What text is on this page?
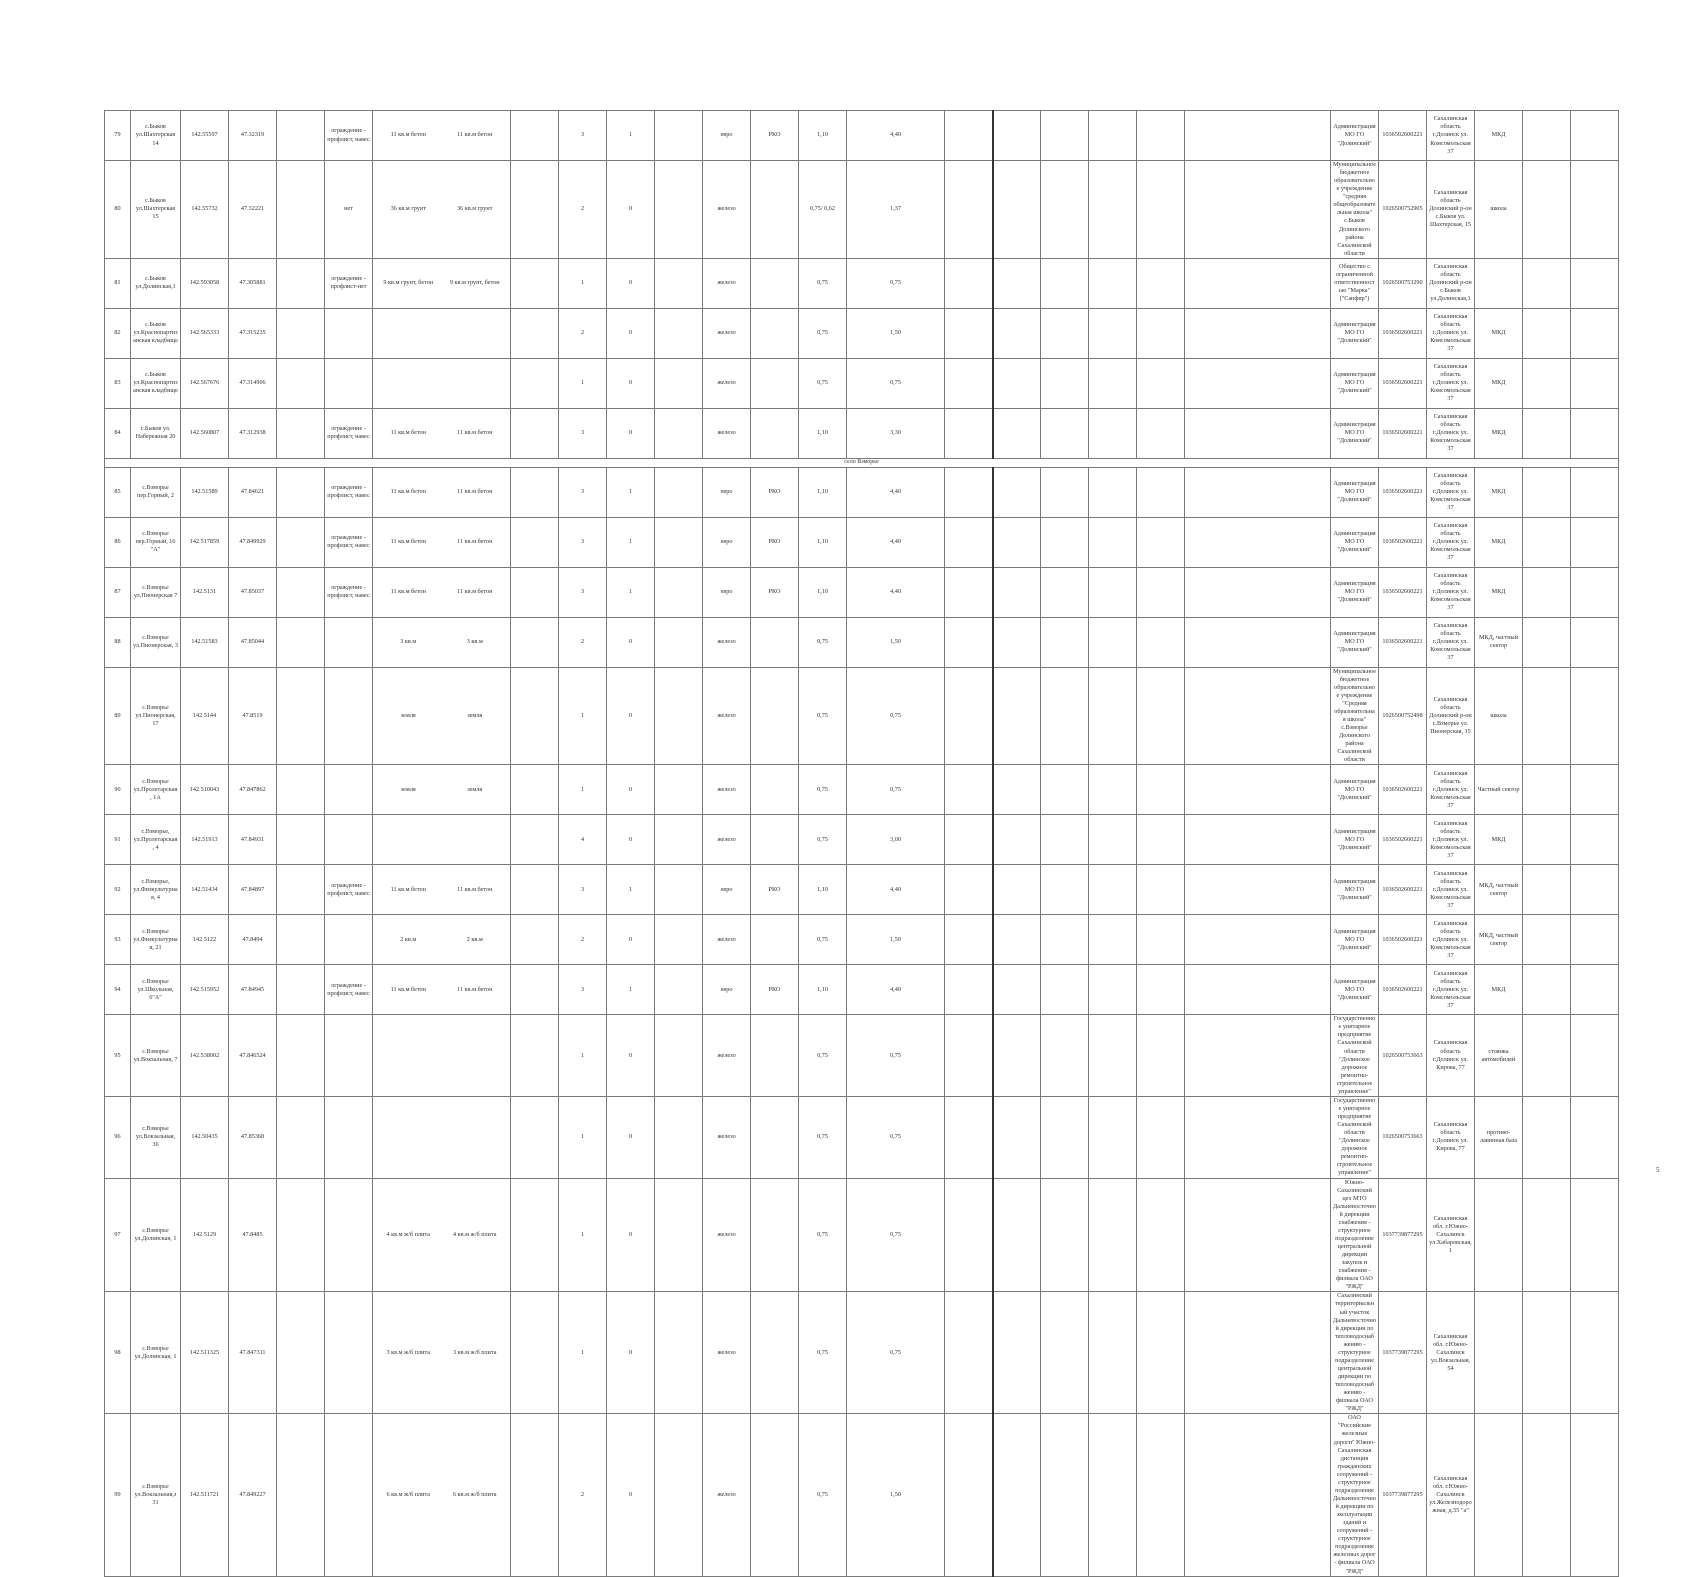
79	с.Быков ул.Шахтерская 14	142.55597	47.32319		ограждение - профлист, навес	11 кв.м бетон 11 кв.м бетон		3	1		евро	РКО	1,10	4,40							Администрация МО ГО "Долинский"	1036502600221	Сахалинская область г.Долинск ул. Комсомольская 37	МКД		
80	с.Быков ул.Шахтерская 15	142.55732	47.32221		нет	36 кв.м грунт 36 кв.м грунт		2	0		железо		0,75/ 0,62	1,37							Муниципальное бюджетное образовательное учреждение "средняя общеобразовательная школа" с.Быков Долинского района Сахалинской области	1026500752905	Сахалинская область Долинский р-он с.Быков ул. Шахтерская, 15	школа		
81	с.Быков ул.Долинская,1	142.593058	47.305881		ограждение - профлист-нет	9 кв.м грунт, бетон 9 кв.м грунт, бетон		1	0		железо		0,75	0,75							Общество с ограниченной ответственностью "Марка" ("Сапфир")	1026500753290	Сахалинская область Долинский р-он с.Быков ул.Долинская,1			
82	с.Быков ул.Краснопартизанская кладбище	142.565333	47.315235					2	0		железо		0,75	1,50							Администрация МО ГО "Долинский"	1036502600221	Сахалинская область г.Долинск ул. Комсомольская 37	МКД		
83	с.Быков ул.Краснопартизанская кладбище	142.567676	47.314906					1	0		железо		0,75	0,75							Администрация МО ГО "Долинский"	1036502600221	Сахалинская область г.Долинск ул. Комсомольская 37	МКД		
84	с.Быков ул. Набережная 20	142.560807	47.312938		ограждение - профлист, навес	11 кв.м бетон 11 кв.м бетон		3	0		железо		1,10	3,30							Администрация МО ГО "Долинский"	1036502600221	Сахалинская область г.Долинск ул. Комсомольская 37	МКД		
село Взморье																										
85	с.Взморье пер.Горный, 2	142.51589	47.84621		ограждение - профлист, навес	11 кв.м бетон 11 кв.м бетон		3	1		евро	РКО	1,10	4,40							Администрация МО ГО "Долинский"	1036502600221	Сахалинская область г.Долинск ул. Комсомольская 37	МКД		
86	с.Взморье пер.Горный, 16 "А"	142.517859	47.849929		ограждение - профлист, навес	11 кв.м бетон 11 кв.м бетон		3	1		евро	РКО	1,10	4,40							Администрация МО ГО "Долинский"	1036502600221	Сахалинская область г.Долинск ул. Комсомольская 37	МКД		
87	с.Взморье ул.Пионерская 7	142.5131	47.85037		ограждение - профлист, навес	11 кв.м бетон 11 кв.м бетон		3	1		евро	РКО	1,10	4,40							Администрация МО ГО "Долинский"	1036502600221	Сахалинская область г.Долинск ул. Комсомольская 37	МКД		
88	с.Взморье ул.Пионерская, 3	142.51583	47.85044			3 кв.м 3 кв.м		2	0		железо		0,75	1,50							Администрация МО ГО "Долинский"	1036502600221	Сахалинская область г.Долинск ул. Комсомольская 37	МКД, частный сектор		
89	с.Взморье ул.Пионерская, 17	142.5144	47.8519			земля земля		1	0		железо		0,75	0,75							Муниципальное бюджетное образовательное учреждение "Средняя образовательная школа" с.Взморье Долинского района Сахалинской области	1026500752498	Сахалинская область Долинский р-он с.Взморье ул. Пионерская, 15	школа		
90	с.Взморье ул.Пролетарская, 1А	142.510043	47.847862			земля земля		1	0		железо		0,75	0,75							Администрация МО ГО "Долинский"	1036502600221	Сахалинская область г.Долинск ул. Комсомольская 37	Частный сектор		
91	с.Взморье, ул.Пролетарская, 4	142.51913	47.84931					4	0		железо		0,75	3,00							Администрация МО ГО "Долинский"	1036502600221	Сахалинская область г.Долинск ул. Комсомольская 37	МКД		
92	с.Взморье, ул.Физкультурная, 4	142.51434	47.84897		ограждение - профлист, навес	11 кв.м бетон 11 кв.м бетон		3	1		евро	РКО	1,10	4,40							Администрация МО ГО "Долинский"	1036502600221	Сахалинская область г.Долинск ул. Комсомольская 37	МКД, частный сектор		
93	с.Взморье ул.Физкультурная, 21	142.5122	47.8494			2 кв.м 2 кв.м		2	0		железо		0,75	1,50							Администрация МО ГО "Долинский"	1036502600221	Сахалинская область г.Долинск ул. Комсомольская 37	МКД, частный сектор		
94	с.Взморье ул.Школьная, 6"А"	142.515952	47.84945		ограждение - профлист, навес	11 кв.м бетон 11 кв.м бетон		3	1		евро	РКО	1,10	4,40							Администрация МО ГО "Долинский"	1036502600221	Сахалинская область г.Долинск ул. Комсомольская 37	МКД		
95	с.Взморье ул.Вокзальная, 7	142.538002	47.846524					1	0		железо		0,75	0,75							Государственное унитарное предприятие Сахалинской области "Долинское дорожное ремонтно-строительное управление"	1026500753663	Сахалинская область г.Долинск ул. Кирова, 77	стоянка автомобилей		
96	с.Взморье ул.Вокзальная, 36	142.50435	47.85368					1	0		железо		0,75	0,75							Государственное унитарное предприятие Сахалинской области "Долинское дорожное ремонтно-строительное управление"	1026500753663	Сахалинская область г.Долинск ул. Кирова, 77	противо-лавинная база		
97	с.Взморье ул.Долинская, 1	142.5129	47.8485			4 кв.м ж/б плита 4 кв.м ж/б плита		1	0		железо		0,75	0,75							Южно-Сахалинский цех МТО Дальневосточной дирекции снабжения - структурное подразделение центральной дирекции закупок и снабжения - филиала ОАО "РЖД"	1037739877295	Сахалинская обл. г.Южно-Сахалинск ул.Хабаровская,1			
98	с.Взморье ул.Долинская, 1	142.511325	47.847311			3 кв.м ж/б плита 3 кв.м ж/б плита		1	0		железо		0,75	0,75							Сахалинский территориальный участок Дальневосточной дирекции по тепловодоснабжению - структурное подразделение центральной дирекции по тепловодоснабжению - филиала ОАО "РЖД"	1037739877295	Сахалинская обл. г.Южно-Сахалинск ул.Вокзальная, 54			
99	с.Взморье ул.Вокзальная,з 31	142.511721	47.849227			6 кв.м ж/б плита 6 кв.м ж/б плита		2	0		железо		0,75	1,50							ОАО "Российские железные дороги" Южно-Сахалинская дистанция гражданских сооружений - структурное подразделение Дальневосточной дирекции по эксплуатации зданий и сооружений - структурное подразделение железных дорог - филиала ОАО "РЖД"	1037739877295	Сахалинская обл. г.Южно-Сахалинск ул.Железнодорожная, д.55 "а"			
5
